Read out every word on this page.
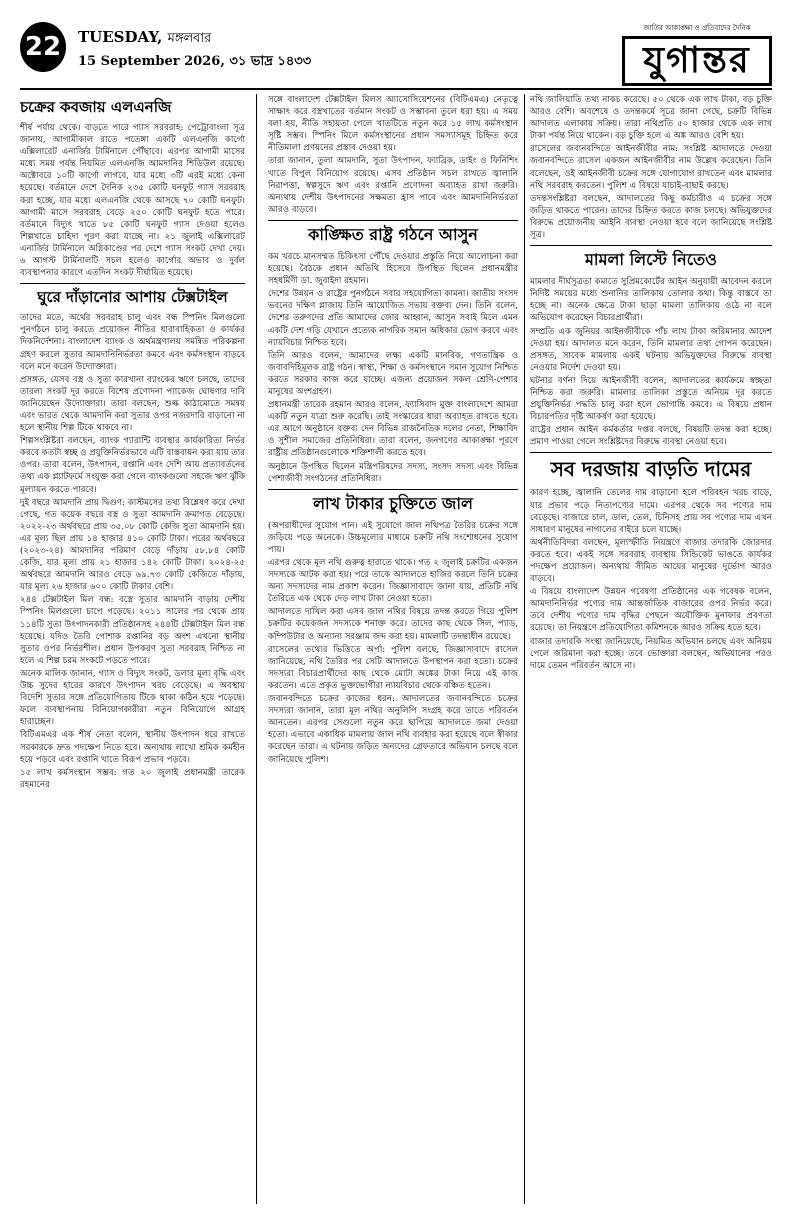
22	TUESDAY, মঙ্গলবার
15 September 2026, ৩১ ভাদ্র ১৪৩৩
জাতির আকাঙ্ক্ষা ও প্রতিবাদের দৈনিক
যুগান্তর
চক্রের কবজায় এলএনজি

শীর্ষ পর্যায় থেকে। বাড়তে পারে গ্যাস সরবরাহ: পেট্রোবাংলা সূত্র জানায়, আগামীকাল রাতে পতেঙ্গা একটি এলএনজি কার্গো এক্সিলারেট এনার্জির টার্মিনালে পৌঁছাবে। এরপর আগামী মাসের মধ্যে সময় পর্যন্ত নিয়মিত এলএনজি আমদানির শিডিউল রয়েছে। অক্টোবরে ১০টি কার্গো লাগবে, যার মধ্যে ৩টি এরই মধ্যে কেনা হয়েছে। বর্তমানে দেশে দৈনিক ২৩৫ কোটি ঘনফুট গ্যাস সরবরাহ করা হচ্ছে, যার মধ্যে এলএনজি থেকে আসছে ৭০ কোটি ঘনফুট। আগামী মাসে সরবরাহ বেড়ে ২৫০ কোটি ঘনফুট হতে পারে। বর্তমানে বিদ্যুৎ খাতে ৮৫ কোটি ঘনফুট গ্যাস দেওয়া হলেও শিল্পখাতে চাহিদা পূরণ করা যাচ্ছে না। ২১ জুলাই এক্সিলারেট এনার্জির টার্মিনালে অগ্নিকাণ্ডের পর দেশে গ্যাস সংকট দেখা দেয়। ৬ আগস্ট টার্মিনালটি সচল হলেও কার্গোর অভাব ও দুর্বল ব্যবস্থাপনার কারণে এতদিন সংকট দীর্ঘায়িত হয়েছে।

ঘুরে দাঁড়ানোর আশায় টেক্সটাইল

তাদের মতে, অর্থের সরবরাহ চালু এবং বন্ধ স্পিনিং মিলগুলো পুনর্গঠনে চালু করতে প্রয়োজন নীতির ধারাবাহিকতা ও কার্যকর দিকনির্দেশনা। বাংলাদেশ ব্যাংক ও অর্থমন্ত্রণালয় সমন্বিত পরিকল্পনা গ্রহণ করলে সুতার আমদানিনির্ভরতা কমবে এবং কর্মসংস্থান বাড়বে বলে মনে করেন উদ্যোক্তারা।

প্রসঙ্গত, যেসব বস্ত্র ও সুতা কারখানা ব্যাংকের ঋণে চলছে, তাদের তারল্য সংকট দূর করতে বিশেষ প্রণোদনা প্যাকেজ ঘোষণার দাবি জানিয়েছেন উদ্যোক্তারা। তারা বলছেন, শুল্ক কাঠামোতে সমন্বয় এবং ভারত থেকে আমদানি করা সুতার ওপর নজরদারি বাড়ানো না হলে স্থানীয় শিল্প টিকে থাকবে না।

শিল্পসংশ্লিষ্টরা বলছেন, ব্যাংক গ্যারান্টি ব্যবস্থার কার্যকারিতা নির্ভর করবে কতটা স্বচ্ছ ও প্রযুক্তিনির্ভরভাবে এটি বাস্তবায়ন করা যায় তার ওপর। তারা বলেন, উৎপাদন, রপ্তানি এবং দেশি আয় প্রত্যাবর্তনের তথ্য এক প্ল্যাটফর্মে সংযুক্ত করা গেলে ব্যাংকগুলো সহজে ঋণ ঝুঁকি মূল্যায়ন করতে পারবে।

দুই বছরে আমদানি প্রায় দ্বিগুণ: কাস্টমসের তথ্য বিশ্লেষণ করে দেখা গেছে, গত কয়েক বছরে বস্ত্র ও সুতা আমদানি ক্রমাগত বেড়েছে। ২০২২-২৩ অর্থবছরে প্রায় ৩৫.০৮ কোটি কেজি সুতা আমদানি হয়। এর মূল্য ছিল প্রায় ১৪ হাজার ৪১০ কোটি টাকা। পরের অর্থবছরে (২০২৩-২৪) আমদানির পরিমাণ বেড়ে দাঁড়ায় ৫৮.৮৪ কোটি কেজি, যার মূল্য প্রায় ২১ হাজার ১৪২ কোটি টাকা। ২০২৪-২৫ অর্থবছরে আমদানি আরও বেড়ে ৬৯.৭৩ কোটি কেজিতে দাঁড়ায়, যার মূল্য ২৬ হাজার ৬০০ কোটি টাকার বেশি।

২৪৪ টেক্সটাইল মিল বন্ধ: বস্ত্রে সুতার আমদানি বাড়ায় দেশীয় স্পিনিং মিলগুলো চাপে পড়েছে। ২০১১ সালের পর থেকে প্রায় ১১৪টি সুতা উৎপাদনকারী প্রতিষ্ঠানসহ ২৪৪টি টেক্সটাইল মিল বন্ধ হয়েছে। যদিও তৈরি পোশাক রপ্তানির বড় অংশ এখনো স্থানীয় সুতার ওপর নির্ভরশীল। প্রধান উপকরণ সুতা সরবরাহ নিশ্চিত না হলে এ শিল্প চরম সংকটে পড়তে পারে।

অনেক মালিক জানান, গ্যাস ও বিদ্যুৎ সংকট, ডলার মূল্য বৃদ্ধি এবং উচ্চ সুদের হারের কারণে উৎপাদন খরচ বেড়েছে। এ অবস্থায় বিদেশি সুতার সঙ্গে প্রতিযোগিতায় টিকে থাকা কঠিন হয়ে পড়েছে। ফলে ব্যবস্থাপনায় বিনিয়োগকারীরা নতুন বিনিয়োগে আগ্রহ হারাচ্ছেন।

বিটিএমএর এক শীর্ষ নেতা বলেন, স্থানীয় উৎপাদন ধরে রাখতে সরকারকে দ্রুত পদক্ষেপ নিতে হবে। অন্যথায় লাখো শ্রমিক কর্মহীন হয়ে পড়বে এবং রপ্তানি খাতে বিরূপ প্রভাব পড়বে।

১৫ লাখ কর্মসংস্থান সম্ভব: গত ২০ জুলাই প্রধানমন্ত্রী তারেক রহমানের

সঙ্গে বাংলাদেশ টেক্সটাইল মিলস অ্যাসোসিয়েশনের (বিটিএমএ) নেতৃত্বে সাক্ষাৎ করে বস্ত্রখাতের বর্তমান সংকট ও সম্ভাবনা তুলে ধরা হয়। এ সময় বলা হয়, নীতি সহায়তা পেলে খাতটিতে নতুন করে ১৫ লাখ কর্মসংস্থান সৃষ্টি সম্ভব। স্পিনিং মিলে কর্মসংস্থানের প্রধান সমস্যাসমূহ চিহ্নিত করে নীতিমালা প্রণয়নের প্রস্তাব দেওয়া হয়।

তারা জানান, তুলা আমদানি, সুতা উৎপাদন, ফ্যাব্রিক, ডাইং ও ফিনিশিং খাতে বিপুল বিনিয়োগ রয়েছে। এসব প্রতিষ্ঠান সচল রাখতে জ্বালানি নিরাপত্তা, স্বল্পসুদে ঋণ এবং রপ্তানি প্রণোদনা অব্যাহত রাখা জরুরি। অন্যথায় দেশীয় উৎপাদনের সক্ষমতা হ্রাস পাবে এবং আমদানিনির্ভরতা আরও বাড়বে।

কাঙ্ক্ষিত রাষ্ট্র গঠনে আসুন

কম খরচে মানসম্মত চিকিৎসা পৌঁছে দেওয়ার প্রস্তুতি নিয়ে আলোচনা করা হয়েছে। বৈঠকে প্রধান অতিথি হিসেবে উপস্থিত ছিলেন প্রধানমন্ত্রীর সহধর্মিণী ডা. জুবাইদা রহমান।

দেশের উন্নয়ন ও রাষ্ট্রের পুনর্গঠনে সবার সহযোগিতা কামনা। জাতীয় সংসদ ভবনের দক্ষিণ প্লাজায় তিনি আয়োজিত সভায় বক্তব্য দেন। তিনি বলেন, দেশের তরুণদের প্রতি আমাদের জোর আহ্বান, আসুন সবাই মিলে এমন একটি দেশ গড়ি যেখানে প্রত্যেক নাগরিক সমান অধিকার ভোগ করবে এবং ন্যায়বিচার নিশ্চিত হবে।

তিনি আরও বলেন, আমাদের লক্ষ্য একটি মানবিক, গণতান্ত্রিক ও জবাবদিহিমূলক রাষ্ট্র গঠন। স্বাস্থ্য, শিক্ষা ও কর্মসংস্থানে সমান সুযোগ নিশ্চিত করতে সরকার কাজ করে যাচ্ছে। এজন্য প্রয়োজন সকল শ্রেণি-পেশার মানুষের অংশগ্রহণ।

প্রধানমন্ত্রী তারেক রহমান আরও বলেন, ফ্যাসিবাদ মুক্ত বাংলাদেশে আমরা একটি নতুন যাত্রা শুরু করেছি। তাই সংস্কারের ধারা অব্যাহত রাখতে হবে। এর আগে অনুষ্ঠানে বক্তব্য দেন বিভিন্ন রাজনৈতিক দলের নেতা, শিক্ষাবিদ ও সুশীল সমাজের প্রতিনিধিরা। তারা বলেন, জনগণের আকাঙ্ক্ষা পূরণে রাষ্ট্রীয় প্রতিষ্ঠানগুলোকে শক্তিশালী করতে হবে।

অনুষ্ঠানে উপস্থিত ছিলেন মন্ত্রিপরিষদের সদস্য, সংসদ সদস্য এবং বিভিন্ন পেশাজীবী সংগঠনের প্রতিনিধিরা।

লাখ টাকার চুক্তিতে জাল

(অপরাধীদের সুযোগ পান। এই সুযোগে জাল নথিপত্র তৈরির চক্রের সঙ্গে জড়িয়ে পড়ে অনেকে। উচ্চমূল্যের মাধ্যমে চক্রটি নথি সংশোধনের সুযোগ পায়।

এরপর থেকে মূল নথি গুরুত্ব হারাতে থাকে। গত ২ জুলাই চক্রটির একজন সদস্যকে আটক করা হয়। পরে তাকে আদালতে হাজির করলে তিনি চক্রের অন্য সদস্যদের নাম প্রকাশ করেন। জিজ্ঞাসাবাদে জানা যায়, প্রতিটি নথি তৈরিতে এক থেকে দেড় লাখ টাকা নেওয়া হতো।

আদালতে দাখিল করা এসব জাল নথির বিষয়ে তদন্ত করতে গিয়ে পুলিশ চক্রটির কয়েকজন সদস্যকে শনাক্ত করে। তাদের কাছ থেকে সিল, প্যাড, কম্পিউটার ও অন্যান্য সরঞ্জাম জব্দ করা হয়। মামলাটি তদন্তাধীন রয়েছে।

রাসেলের তথ্যের ভিত্তিতে অর্পা: পুলিশ বলছে, জিজ্ঞাসাবাদে রাসেল জানিয়েছে, নথি তৈরির পর সেটি আদালতে উপস্থাপন করা হতো। চক্রের সদস্যরা বিচারপ্রার্থীদের কাছ থেকে মোটা অঙ্কের টাকা নিয়ে এই কাজ করতেন। এতে প্রকৃত ভুক্তভোগীরা ন্যায়বিচার থেকে বঞ্চিত হতেন।

জবানবন্দিতে চক্রের কাজের ধরন: আদালতের জবানবন্দিতে চক্রের সদস্যরা জানান, তারা মূল নথির অনুলিপি সংগ্রহ করে তাতে পরিবর্তন আনতেন। এরপর সেগুলো নতুন করে ছাপিয়ে আদালতে জমা দেওয়া হতো। এভাবে একাধিক মামলায় জাল নথি ব্যবহার করা হয়েছে বলে স্বীকার করেছেন তারা। এ ঘটনায় জড়িত অন্যদের গ্রেফতারে অভিযান চলছে বলে জানিয়েছে পুলিশ।

নথি জালিয়াতি তথ্য নাকচ করেছে। ৫০ থেকে এক লাখ টাকা, বড় চুক্তি আরও বেশি। অবশেষে ও তদন্তকর্মে সূত্রে জানা গেছে, চক্রটি বিভিন্ন আদালত এলাকায় সক্রিয়। তারা নথিপ্রতি ৫০ হাজার থেকে এক লাখ টাকা পর্যন্ত নিয়ে থাকেন। বড় চুক্তি হলে এ অঙ্ক আরও বেশি হয়।

রাসেলের জবানবন্দিতে আইনজীবীর নাম: সংশ্লিষ্ট আদালতে দেওয়া জবানবন্দিতে রাসেল একজন আইনজীবীর নাম উল্লেখ করেছেন। তিনি বলেছেন, ওই আইনজীবী চক্রের সঙ্গে যোগাযোগ রাখতেন এবং মামলার নথি সরবরাহ করতেন। পুলিশ এ বিষয়ে যাচাই-বাছাই করছে।

তদন্তসংশ্লিষ্টরা বলছেন, আদালতের কিছু কর্মচারীও এ চক্রের সঙ্গে জড়িত থাকতে পারেন। তাদের চিহ্নিত করতে কাজ চলছে। অভিযুক্তদের বিরুদ্ধে প্রয়োজনীয় আইনি ব্যবস্থা নেওয়া হবে বলে জানিয়েছে সংশ্লিষ্ট সূত্র।

মামলা লিস্টে নিতেও

মামলার দীর্ঘসূত্রতা কমাতে সুপ্রিমকোর্টের আইন অনুযায়ী আবেদন করলে নির্দিষ্ট সময়ের মধ্যে শুনানির তালিকায় তোলার কথা। কিন্তু বাস্তবে তা হচ্ছে না। অনেক ক্ষেত্রে টাকা ছাড়া মামলা তালিকায় ওঠে না বলে অভিযোগ করেছেন বিচারপ্রার্থীরা।

সম্প্রতি এক জুনিয়র আইনজীবীকে পাঁচ লাখ টাকা জরিমানার আদেশ দেওয়া হয়। আদালত মনে করেন, তিনি মামলার তথ্য গোপন করেছেন। প্রসঙ্গত, সাবেক মামলায় একই ঘটনায় অভিযুক্তদের বিরুদ্ধে ব্যবস্থা নেওয়ার নির্দেশ দেওয়া হয়।

ঘটনার বর্ণনা দিয়ে আইনজীবী বলেন, আদালতের কার্যক্রমে স্বচ্ছতা নিশ্চিত করা জরুরি। মামলার তালিকা প্রস্তুতে অনিয়ম দূর করতে প্রযুক্তিনির্ভর পদ্ধতি চালু করা হলে ভোগান্তি কমবে। এ বিষয়ে প্রধান বিচারপতির দৃষ্টি আকর্ষণ করা হয়েছে।

রাষ্ট্রের প্রধান আইন কর্মকর্তার দপ্তর বলছে, বিষয়টি তদন্ত করা হচ্ছে। প্রমাণ পাওয়া গেলে সংশ্লিষ্টদের বিরুদ্ধে ব্যবস্থা নেওয়া হবে।

সব দরজায় বাড়তি দামের

কারণ হচ্ছে, জ্বালানি তেলের দাম বাড়ানো হলে পরিবহন খরচ বাড়ে, যার প্রভাব পড়ে নিত্যপণ্যের দামে। এরপর থেকে সব পণ্যের দাম বেড়েছে। বাজারে চাল, ডাল, তেল, চিনিসহ প্রায় সব পণ্যের দাম এখন সাধারণ মানুষের নাগালের বাইরে চলে যাচ্ছে।

অর্থনীতিবিদরা বলছেন, মূল্যস্ফীতি নিয়ন্ত্রণে বাজার তদারকি জোরদার করতে হবে। একই সঙ্গে সরবরাহ ব্যবস্থায় সিন্ডিকেট ভাঙতে কার্যকর পদক্ষেপ প্রয়োজন। অন্যথায় সীমিত আয়ের মানুষের দুর্ভোগ আরও বাড়বে।

এ বিষয়ে বাংলাদেশ উন্নয়ন গবেষণা প্রতিষ্ঠানের এক গবেষক বলেন, আমদানিনির্ভর পণ্যের দাম আন্তর্জাতিক বাজারের ওপর নির্ভর করে। তবে দেশীয় পণ্যের দাম বৃদ্ধির পেছনে অযৌক্তিক মুনাফার প্রবণতা রয়েছে। তা নিয়ন্ত্রণে প্রতিযোগিতা কমিশনকে আরও সক্রিয় হতে হবে।

বাজার তদারকি সংস্থা জানিয়েছে, নিয়মিত অভিযান চলছে এবং অনিয়ম পেলে জরিমানা করা হচ্ছে। তবে ভোক্তারা বলছেন, অভিযানের পরও দামে তেমন পরিবর্তন আসে না।
